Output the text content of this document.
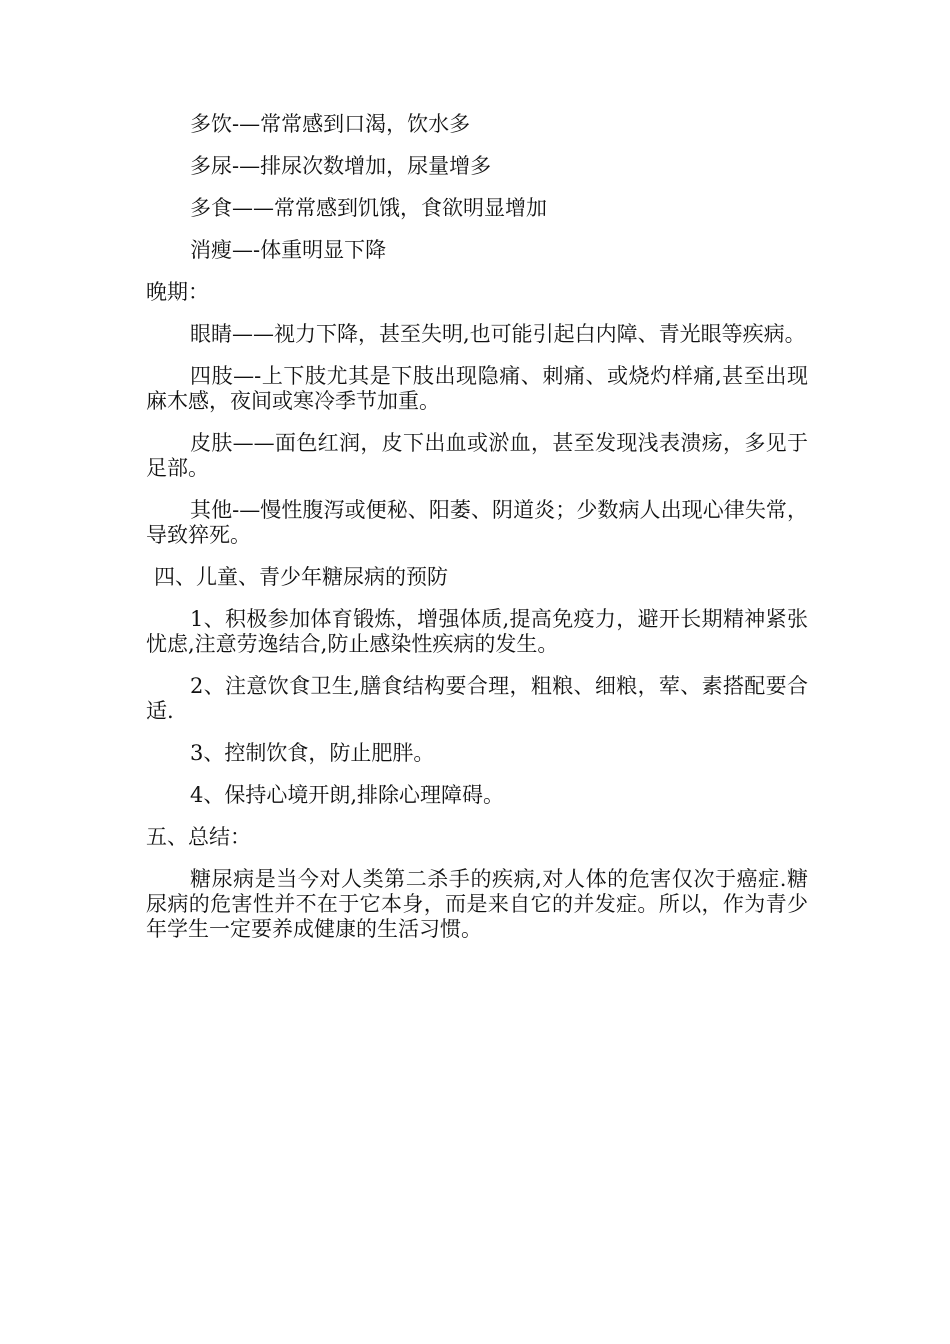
多饮-—常常感到口渴，饮水多
多尿-—排尿次数增加，尿量增多
多食——常常感到饥饿，食欲明显增加
消瘦—-体重明显下降
晚期：
眼睛——视力下降，甚至失明,也可能引起白内障、青光眼等疾病。
四肢—-上下肢尤其是下肢出现隐痛、刺痛、或烧灼样痛,甚至出现麻木感，夜间或寒冷季节加重。
皮肤——面色红润，皮下出血或淤血，甚至发现浅表溃疡，多见于足部。
其他-—慢性腹泻或便秘、阳萎、阴道炎；少数病人出现心律失常，导致猝死。
四、儿童、青少年糖尿病的预防
1、积极参加体育锻炼，增强体质,提高免疫力，避开长期精神紧张忧虑,注意劳逸结合,防止感染性疾病的发生。
2、注意饮食卫生,膳食结构要合理，粗粮、细粮，荤、素搭配要合适.
3、控制饮食，防止肥胖。
4、保持心境开朗,排除心理障碍。
五、总结：
糖尿病是当今对人类第二杀手的疾病,对人体的危害仅次于癌症.糖尿病的危害性并不在于它本身，而是来自它的并发症。所以，作为青少年学生一定要养成健康的生活习惯。
